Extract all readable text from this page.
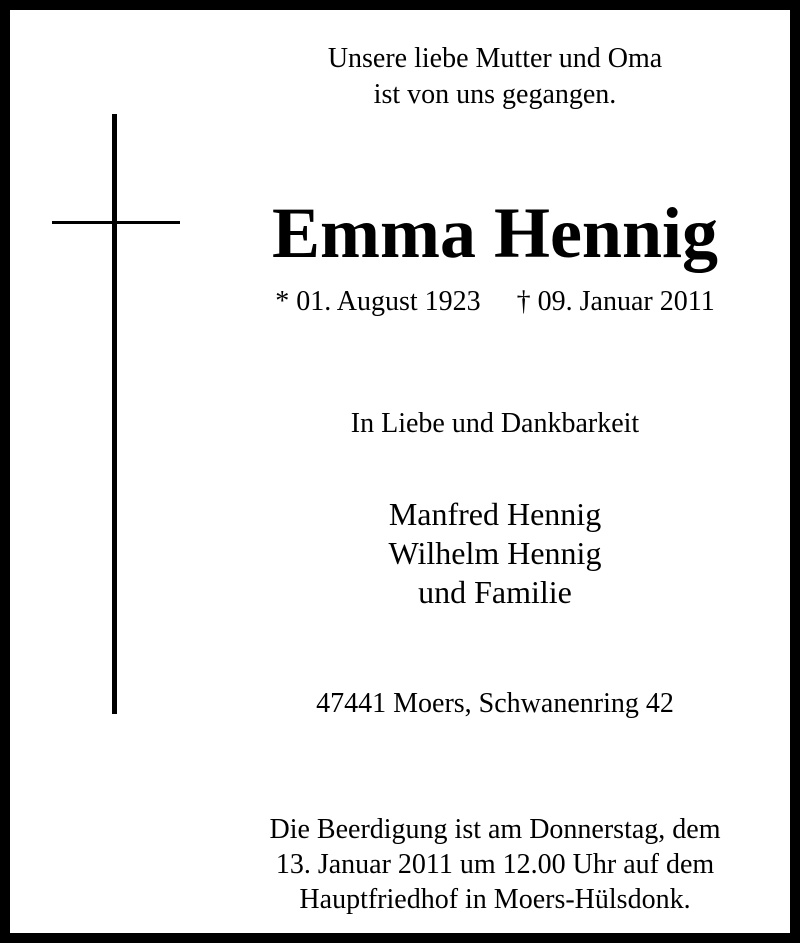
Unsere liebe Mutter und Oma
ist von uns gegangen.
Emma Hennig
* 01. August 1923 † 09. Januar 2011
In Liebe und Dankbarkeit
Manfred Hennig
Wilhelm Hennig
und Familie
47441 Moers, Schwanenring 42
Die Beerdigung ist am Donnerstag, dem
13. Januar 2011 um 12.00 Uhr auf dem
Hauptfriedhof in Moers-Hülsdonk.
